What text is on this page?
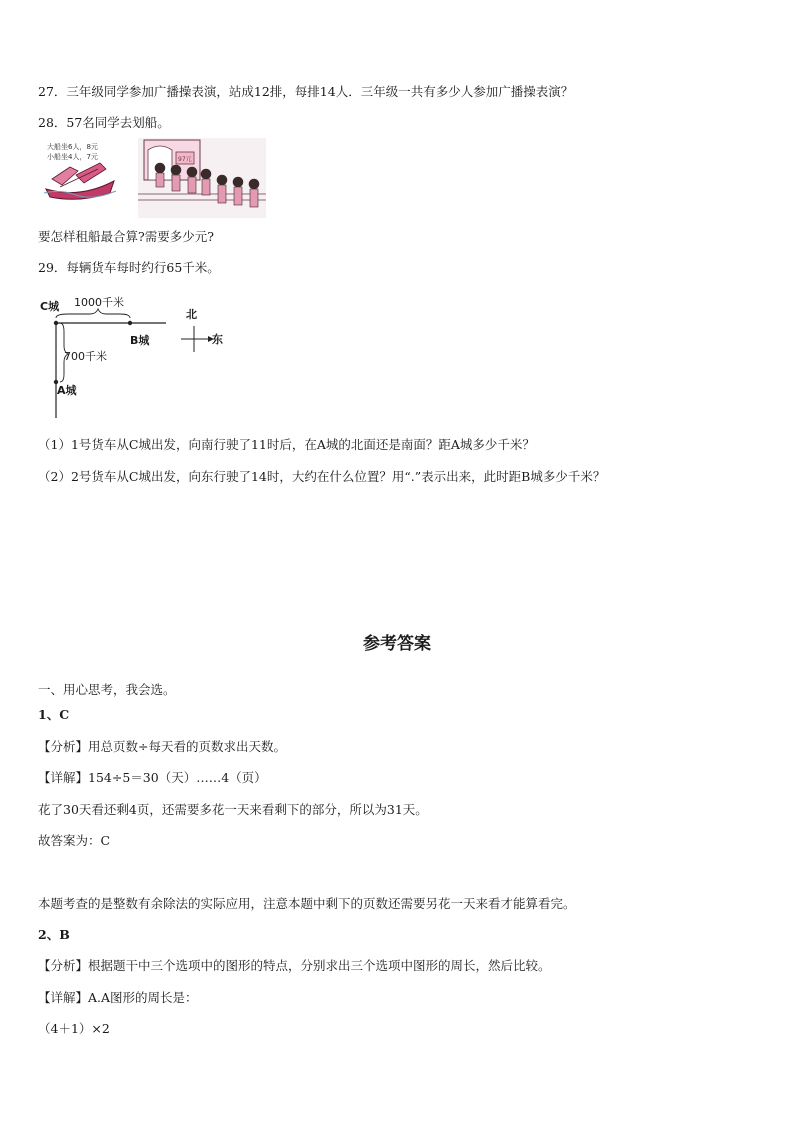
27．三年级同学参加广播操表演，站成12排，每排14人．三年级一共有多少人参加广播操表演？
28．57名同学去划船。
大船坐6人，8元
小船坐4人，7元	97元
要怎样租船最合算?需要多少元?
29．每辆货车每时约行65千米。
C城 1000千米
B城
700千米
A城
北
东
（1）1号货车从C城出发，向南行驶了11时后，在A城的北面还是南面？距A城多少千米？
（2）2号货车从C城出发，向东行驶了14时，大约在什么位置？用“.”表示出来，此时距B城多少千米？
参考答案
一、用心思考，我会选。
1、C
【分析】用总页数÷每天看的页数求出天数。
【详解】154÷5＝30（天）……4（页）
花了30天看还剩4页，还需要多花一天来看剩下的部分，所以为31天。
故答案为：C
本题考查的是整数有余除法的实际应用，注意本题中剩下的页数还需要另花一天来看才能算看完。
2、B
【分析】根据题干中三个选项中的图形的特点，分别求出三个选项中图形的周长，然后比较。
【详解】A.A图形的周长是：
（4＋1）×2
